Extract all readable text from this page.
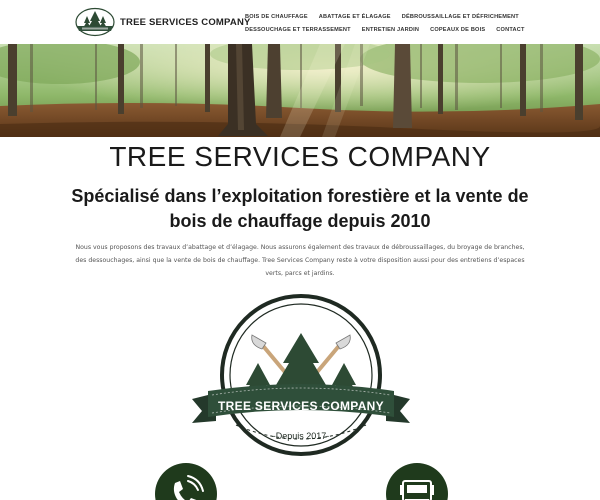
TREE SERVICES COMPANY
BOIS DE CHAUFFAGE ABATTAGE ET ÉLAGAGE DÉBROUSSAILLAGE ET DÉFRICHEMENT
DESSOUCHAGE ET TERRASSEMENT ENTRETIEN JARDIN COPEAUX DE BOIS CONTACT
TREE SERVICES COMPANY
Spécialisé dans l’exploitation forestière et la vente de bois de chauffage depuis 2010

Nous vous proposons des travaux d’abattage et d’élagage. Nous assurons également des travaux de débroussaillages, du broyage de branches, des dessouchages, ainsi que la vente de bois de chauffage. Tree Services Company reste à votre disposition aussi pour des entretiens d’espaces verts, parcs et jardins.

TREE SERVICES COMPANY
-Depuis 2017-
